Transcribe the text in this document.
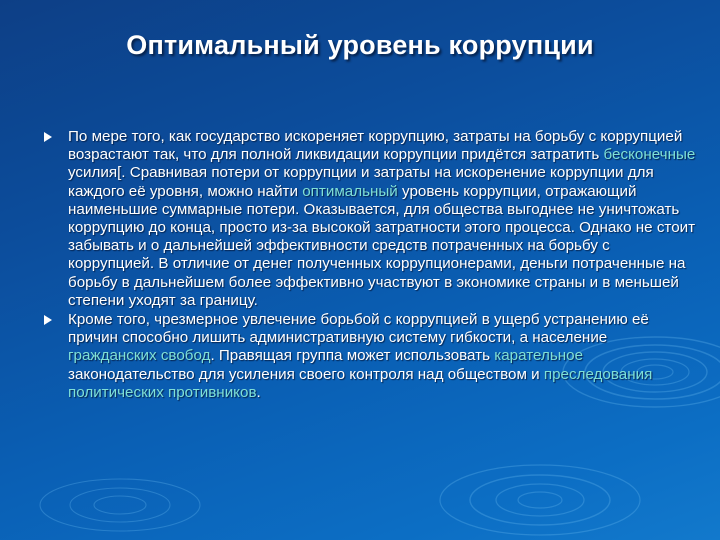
Оптимальный уровень коррупции
По мере того, как государство искореняет коррупцию, затраты на борьбу с коррупцией возрастают так, что для полной ликвидации коррупции придётся затратить бесконечные усилия[. Сравнивая потери от коррупции и затраты на искоренение коррупции для каждого её уровня, можно найти оптимальный уровень коррупции, отражающий наименьшие суммарные потери. Оказывается, для общества выгоднее не уничтожать коррупцию до конца, просто из-за высокой затратности этого процесса. Однако не стоит забывать и о дальнейшей эффективности средств потраченных на борьбу с коррупцией. В отличие от денег полученных коррупционерами, деньги потраченные на борьбу в дальнейшем более эффективно участвуют в экономике страны и в меньшей степени уходят за границу.
Кроме того, чрезмерное увлечение борьбой с коррупцией в ущерб устранению её причин способно лишить административную систему гибкости, а население гражданских свобод. Правящая группа может использовать карательное законодательство для усиления своего контроля над обществом и преследования политических противников.
